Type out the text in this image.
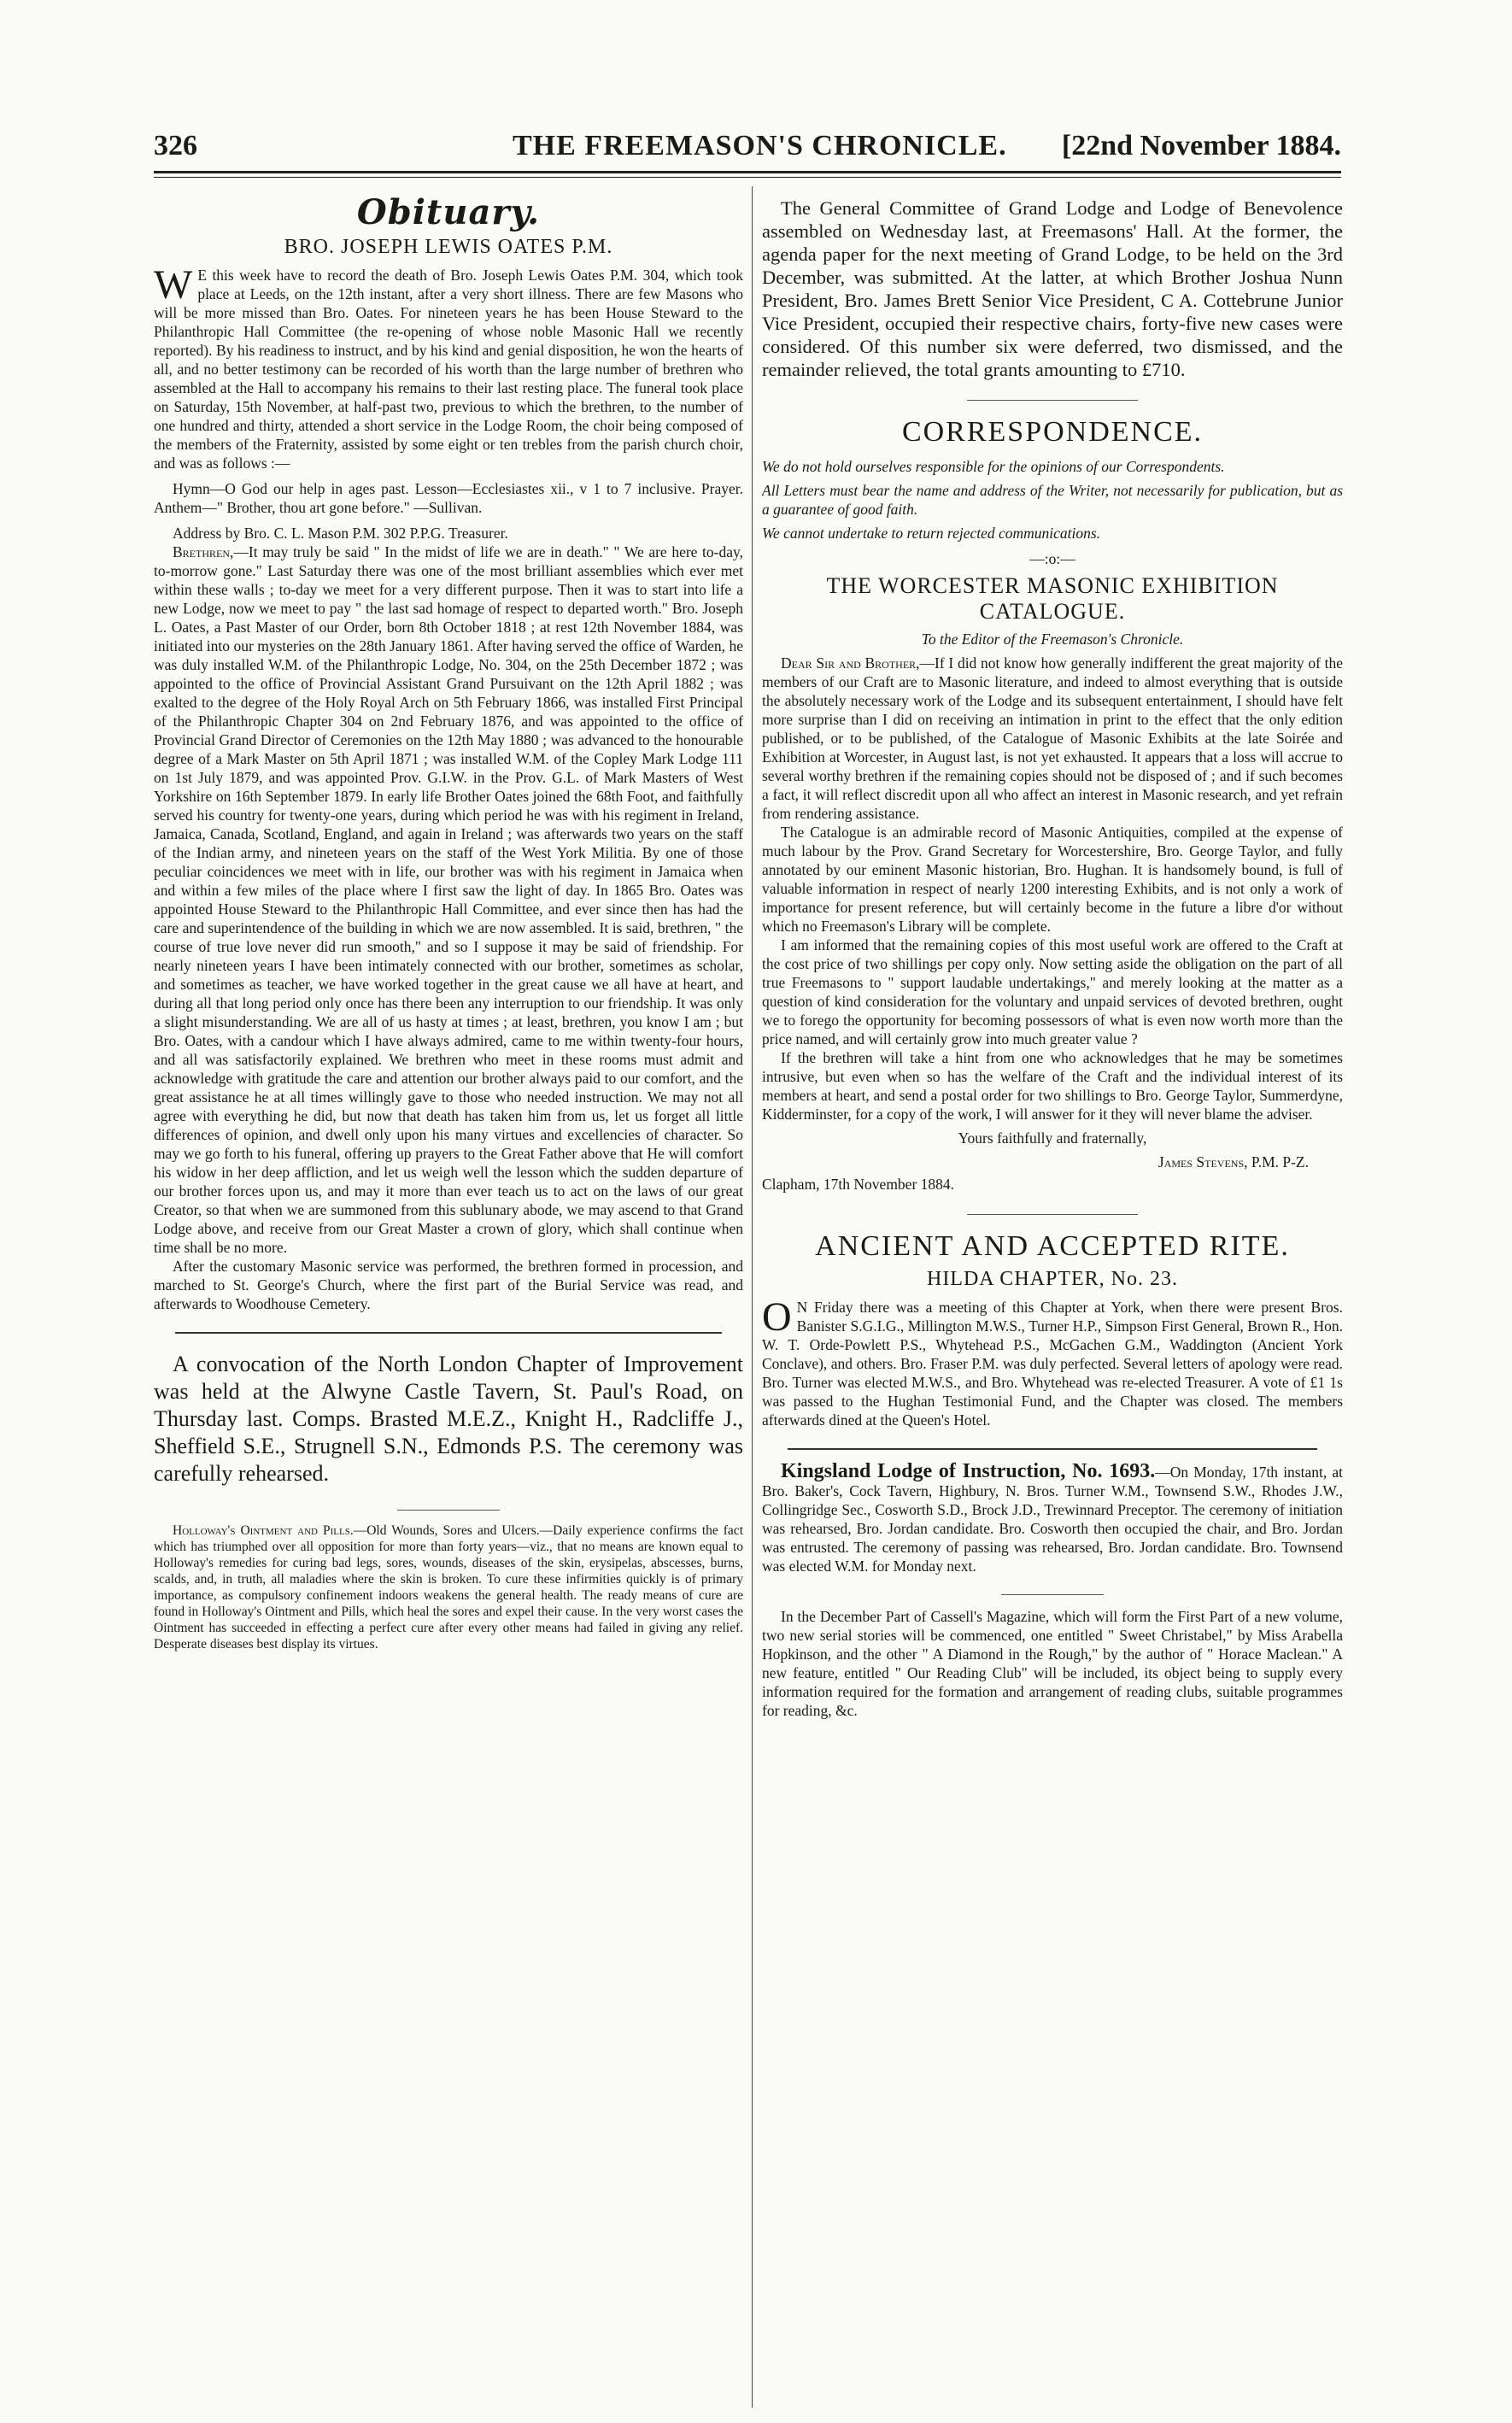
326	THE FREEMASON'S CHRONICLE. [22nd November 1884.
Obituary.
BRO. JOSEPH LEWIS OATES P.M.

W E this week have to record the death of Bro. Joseph Lewis Oates P.M. 304, which took place at Leeds, on the 12th instant, after a very short illness. There are few Masons who will be more missed than Bro. Oates. For nineteen years he has been House Steward to the Philanthropic Hall Committee (the re-opening of whose noble Masonic Hall we recently reported). By his readiness to instruct, and by his kind and genial disposition, he won the hearts of all, and no better testimony can be recorded of his worth than the large number of brethren who assembled at the Hall to accompany his remains to their last resting place. The funeral took place on Saturday, 15th November, at half-past two, previous to which the brethren, to the number of one hundred and thirty, attended a short service in the Lodge Room, the choir being composed of the members of the Fraternity, assisted by some eight or ten trebles from the parish church choir, and was as follows :—

Hymn—O God our help in ages past. Lesson—Ecclesiastes xii., v 1 to 7 inclusive. Prayer. Anthem—" Brother, thou art gone before." —Sullivan.

Address by Bro. C. L. Mason P.M. 302 P.P.G. Treasurer.

Brethren,—It may truly be said " In the midst of life we are in death." " We are here to-day, to-morrow gone." Last Saturday there was one of the most brilliant assemblies which ever met within these walls ; to-day we meet for a very different purpose. Then it was to start into life a new Lodge, now we meet to pay " the last sad homage of respect to departed worth." Bro. Joseph L. Oates, a Past Master of our Order, born 8th October 1818 ; at rest 12th November 1884, was initiated into our mysteries on the 28th January 1861. After having served the office of Warden, he was duly installed W.M. of the Philanthropic Lodge, No. 304, on the 25th December 1872 ; was appointed to the office of Provincial Assistant Grand Pursuivant on the 12th April 1882 ; was exalted to the degree of the Holy Royal Arch on 5th February 1866, was installed First Principal of the Philanthropic Chapter 304 on 2nd February 1876, and was appointed to the office of Provincial Grand Director of Ceremonies on the 12th May 1880 ; was advanced to the honourable degree of a Mark Master on 5th April 1871 ; was installed W.M. of the Copley Mark Lodge 111 on 1st July 1879, and was appointed Prov. G.I.W. in the Prov. G.L. of Mark Masters of West Yorkshire on 16th September 1879. In early life Brother Oates joined the 68th Foot, and faithfully served his country for twenty-one years, during which period he was with his regiment in Ireland, Jamaica, Canada, Scotland, England, and again in Ireland ; was afterwards two years on the staff of the Indian army, and nineteen years on the staff of the West York Militia. By one of those peculiar coincidences we meet with in life, our brother was with his regiment in Jamaica when and within a few miles of the place where I first saw the light of day. In 1865 Bro. Oates was appointed House Steward to the Philanthropic Hall Committee, and ever since then has had the care and superintendence of the building in which we are now assembled. It is said, brethren, " the course of true love never did run smooth," and so I suppose it may be said of friendship. For nearly nineteen years I have been intimately connected with our brother, sometimes as scholar, and sometimes as teacher, we have worked together in the great cause we all have at heart, and during all that long period only once has there been any interruption to our friendship. It was only a slight misunderstanding. We are all of us hasty at times ; at least, brethren, you know I am ; but Bro. Oates, with a candour which I have always admired, came to me within twenty-four hours, and all was satisfactorily explained. We brethren who meet in these rooms must admit and acknowledge with gratitude the care and attention our brother always paid to our comfort, and the great assistance he at all times willingly gave to those who needed instruction. We may not all agree with everything he did, but now that death has taken him from us, let us forget all little differences of opinion, and dwell only upon his many virtues and excellencies of character. So may we go forth to his funeral, offering up prayers to the Great Father above that He will comfort his widow in her deep affliction, and let us weigh well the lesson which the sudden departure of our brother forces upon us, and may it more than ever teach us to act on the laws of our great Creator, so that when we are summoned from this sublunary abode, we may ascend to that Grand Lodge above, and receive from our Great Master a crown of glory, which shall continue when time shall be no more.

After the customary Masonic service was performed, the brethren formed in procession, and marched to St. George's Church, where the first part of the Burial Service was read, and afterwards to Woodhouse Cemetery.

A convocation of the North London Chapter of Improvement was held at the Alwyne Castle Tavern, St. Paul's Road, on Thursday last. Comps. Brasted M.E.Z., Knight H., Radcliffe J., Sheffield S.E., Strugnell S.N., Edmonds P.S. The ceremony was carefully rehearsed.

Holloway's Ointment and Pills.—Old Wounds, Sores and Ulcers.—Daily experience confirms the fact which has triumphed over all opposition for more than forty years—viz., that no means are known equal to Holloway's remedies for curing bad legs, sores, wounds, diseases of the skin, erysipelas, abscesses, burns, scalds, and, in truth, all maladies where the skin is broken. To cure these infirmities quickly is of primary importance, as compulsory confinement indoors weakens the general health. The ready means of cure are found in Holloway's Ointment and Pills, which heal the sores and expel their cause. In the very worst cases the Ointment has succeeded in effecting a perfect cure after every other means had failed in giving any relief. Desperate diseases best display its virtues.

The General Committee of Grand Lodge and Lodge of Benevolence assembled on Wednesday last, at Freemasons' Hall. At the former, the agenda paper for the next meeting of Grand Lodge, to be held on the 3rd December, was submitted. At the latter, at which Brother Joshua Nunn President, Bro. James Brett Senior Vice President, C A. Cottebrune Junior Vice President, occupied their respective chairs, forty-five new cases were considered. Of this number six were deferred, two dismissed, and the remainder relieved, the total grants amounting to £710.

CORRESPONDENCE.

We do not hold ourselves responsible for the opinions of our Correspondents.

All Letters must bear the name and address of the Writer, not necessarily for publication, but as a guarantee of good faith.

We cannot undertake to return rejected communications.

—:o:—
THE WORCESTER MASONIC EXHIBITION CATALOGUE.
To the Editor of the Freemason's Chronicle.

Dear Sir and Brother,—If I did not know how generally indifferent the great majority of the members of our Craft are to Masonic literature, and indeed to almost everything that is outside the absolutely necessary work of the Lodge and its subsequent entertainment, I should have felt more surprise than I did on receiving an intimation in print to the effect that the only edition published, or to be published, of the Catalogue of Masonic Exhibits at the late Soirée and Exhibition at Worcester, in August last, is not yet exhausted. It appears that a loss will accrue to several worthy brethren if the remaining copies should not be disposed of ; and if such becomes a fact, it will reflect discredit upon all who affect an interest in Masonic research, and yet refrain from rendering assistance.

The Catalogue is an admirable record of Masonic Antiquities, compiled at the expense of much labour by the Prov. Grand Secretary for Worcestershire, Bro. George Taylor, and fully annotated by our eminent Masonic historian, Bro. Hughan. It is handsomely bound, is full of valuable information in respect of nearly 1200 interesting Exhibits, and is not only a work of importance for present reference, but will certainly become in the future a libre d'or without which no Freemason's Library will be complete.

I am informed that the remaining copies of this most useful work are offered to the Craft at the cost price of two shillings per copy only. Now setting aside the obligation on the part of all true Freemasons to " support laudable undertakings," and merely looking at the matter as a question of kind consideration for the voluntary and unpaid services of devoted brethren, ought we to forego the opportunity for becoming possessors of what is even now worth more than the price named, and will certainly grow into much greater value ?

If the brethren will take a hint from one who acknowledges that he may be sometimes intrusive, but even when so has the welfare of the Craft and the individual interest of its members at heart, and send a postal order for two shillings to Bro. George Taylor, Summerdyne, Kidderminster, for a copy of the work, I will answer for it they will never blame the adviser.

Yours faithfully and fraternally,

James Stevens, P.M. P-Z.

Clapham, 17th November 1884.

ANCIENT AND ACCEPTED RITE.
HILDA CHAPTER, No. 23.

O N Friday there was a meeting of this Chapter at York, when there were present Bros. Banister S.G.I.G., Millington M.W.S., Turner H.P., Simpson First General, Brown R., Hon. W. T. Orde-Powlett P.S., Whytehead P.S., McGachen G.M., Waddington (Ancient York Conclave), and others. Bro. Fraser P.M. was duly perfected. Several letters of apology were read. Bro. Turner was elected M.W.S., and Bro. Whytehead was re-elected Treasurer. A vote of £1 1s was passed to the Hughan Testimonial Fund, and the Chapter was closed. The members afterwards dined at the Queen's Hotel.

Kingsland Lodge of Instruction, No. 1693.—On Monday, 17th instant, at Bro. Baker's, Cock Tavern, Highbury, N. Bros. Turner W.M., Townsend S.W., Rhodes J.W., Collingridge Sec., Cosworth S.D., Brock J.D., Trewinnard Preceptor. The ceremony of initiation was rehearsed, Bro. Jordan candidate. Bro. Cosworth then occupied the chair, and Bro. Jordan was entrusted. The ceremony of passing was rehearsed, Bro. Jordan candidate. Bro. Townsend was elected W.M. for Monday next.

In the December Part of Cassell's Magazine, which will form the First Part of a new volume, two new serial stories will be commenced, one entitled " Sweet Christabel," by Miss Arabella Hopkinson, and the other " A Diamond in the Rough," by the author of " Horace Maclean." A new feature, entitled " Our Reading Club" will be included, its object being to supply every information required for the formation and arrangement of reading clubs, suitable programmes for reading, &c.
